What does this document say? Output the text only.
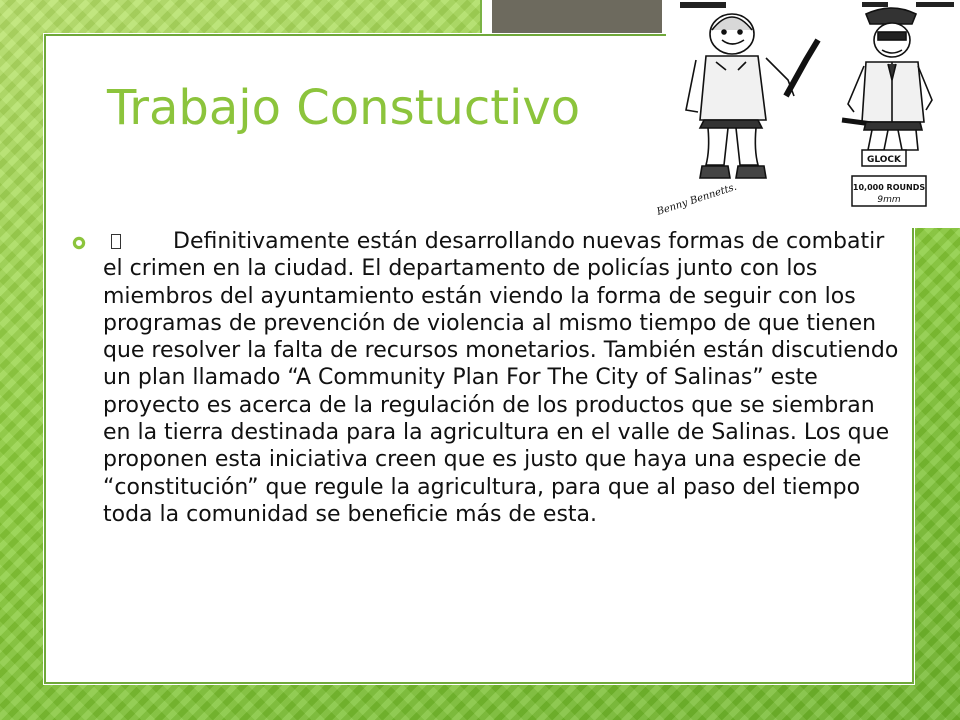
Trabajo Constuctivo

Definitivamente están desarrollando nuevas formas de combatir el crimen en la ciudad. El departamento de policías junto con los miembros del ayuntamiento están viendo la forma de seguir con los programas de prevención de violencia al mismo tiempo de que tienen que resolver la falta de recursos monetarios. También están discutiendo un plan llamado “A Community Plan For The City of Salinas” este proyecto es acerca de la regulación de los productos que se siembran en la tierra destinada para la agricultura en el valle de Salinas. Los que proponen esta iniciativa creen que es justo que haya una especie de “constitución” que regule la agricultura, para que al paso del tiempo toda la comunidad se beneficie más de esta.

GLOCK
10,000 ROUNDS
9mm
Benny Bennetts.
